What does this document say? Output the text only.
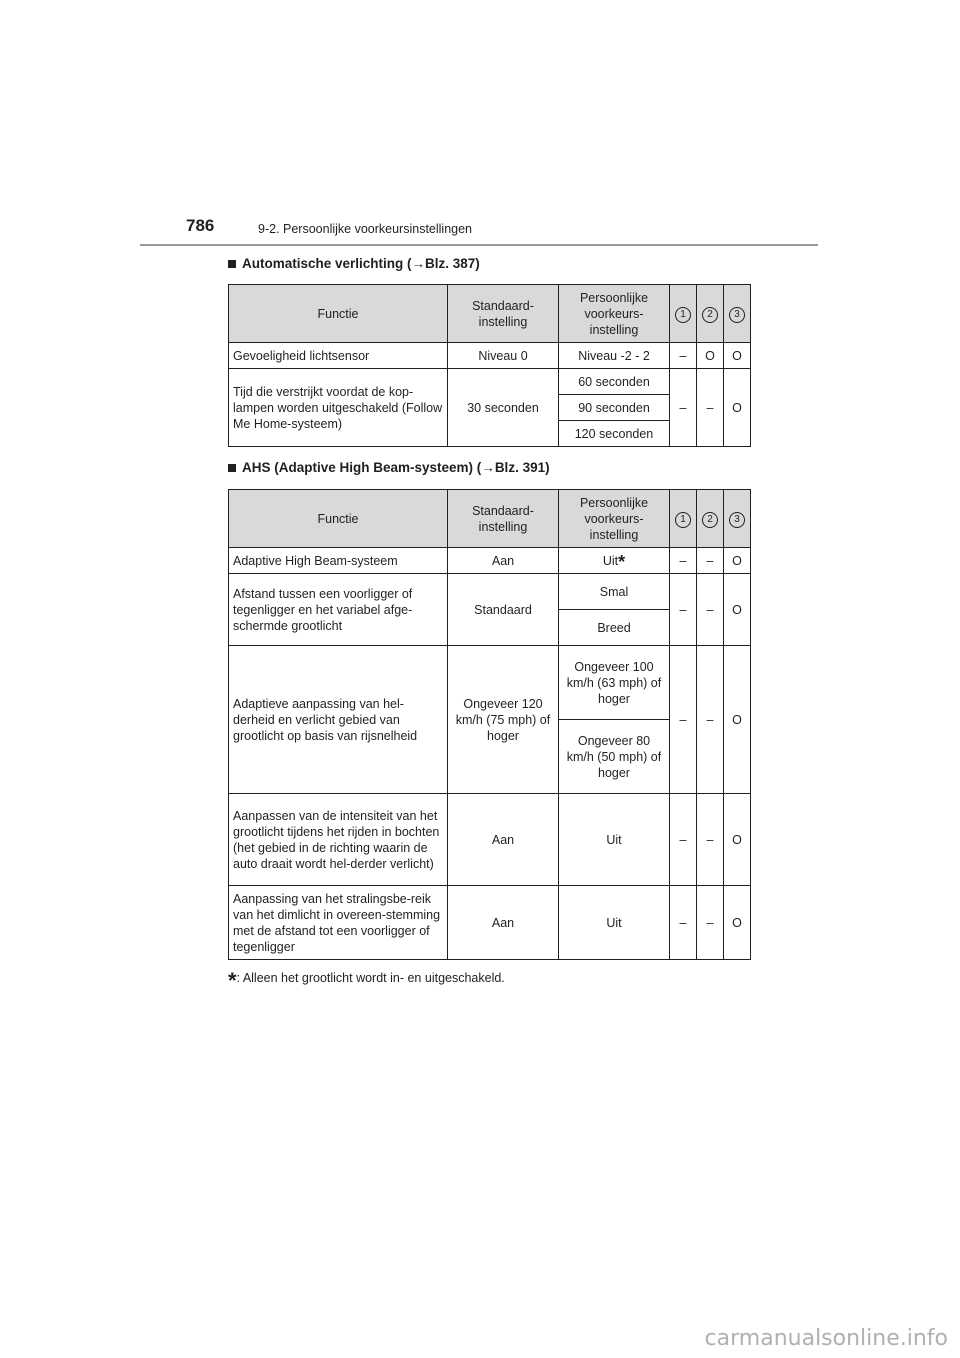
786	9-2. Persoonlijke voorkeursinstellingen
Automatische verlichting ( → Blz. 387)
Functie	Standaard-instelling	Persoonlijke voorkeurs-instelling	1	2	3
Gevoeligheid lichtsensor	Niveau 0	Niveau -2 - 2	–	O	O
Tijd die verstrijkt voordat de kop-lampen worden uitgeschakeld (Follow Me Home-systeem)	30 seconden	60 seconden	–	–	O
		90 seconden			
		120 seconden			
AHS (Adaptive High Beam-systeem) ( → Blz. 391)
Functie	Standaard-instelling	Persoonlijke voorkeurs-instelling	1	2	3
Adaptive High Beam-systeem	Aan	Uit*	–	–	O
Afstand tussen een voorligger of tegenligger en het variabel afge-schermde grootlicht	Standaard	Smal	–	–	O
		Breed			
Adaptieve aanpassing van hel-derheid en verlicht gebied van grootlicht op basis van rijsnelheid	Ongeveer 120 km/h (75 mph) of hoger	Ongeveer 100 km/h (63 mph) of hoger	–	–	O
		Ongeveer 80 km/h (50 mph) of hoger			
Aanpassen van de intensiteit van het grootlicht tijdens het rijden in bochten (het gebied in de richting waarin de auto draait wordt hel-derder verlicht)	Aan	Uit	–	–	O
Aanpassing van het stralingsbe-reik van het dimlicht in overeen-stemming met de afstand tot een voorligger of tegenligger	Aan	Uit	–	–	O
*: Alleen het grootlicht wordt in- en uitgeschakeld.
carmanualsonline.info
